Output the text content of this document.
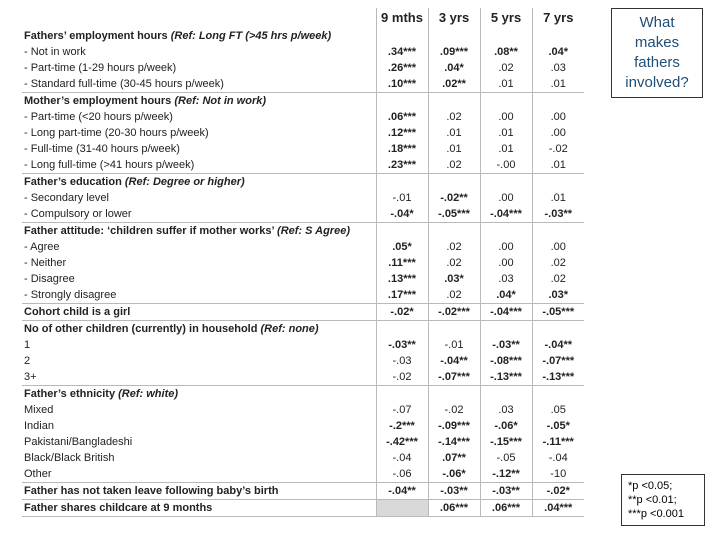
	9 mths	3 yrs	5 yrs	7 yrs
Fathers’ employment hours (Ref: Long FT (>45 hrs p/week)				
- Not in work	.34***	.09***	.08**	.04*
- Part-time (1-29 hours p/week)	.26***	.04*	.02	.03
- Standard full-time (30-45 hours p/week)	.10***	.02**	.01	.01
Mother’s employment hours (Ref: Not in work)				
- Part-time (<20 hours p/week)	.06***	.02	.00	.00
- Long part-time (20-30 hours p/week)	.12***	.01	.01	.00
- Full-time (31-40 hours p/week)	.18***	.01	.01	-.02
- Long full-time (>41 hours p/week)	.23***	.02	-.00	.01
Father’s education (Ref: Degree or higher)				
- Secondary level	-.01	-.02**	.00	.01
- Compulsory or lower	-.04*	-.05***	-.04***	-.03**
Father attitude: ‘children suffer if mother works’ (Ref: S Agree)				
- Agree	.05*	.02	.00	.00
- Neither	.11***	.02	.00	.02
- Disagree	.13***	.03*	.03	.02
- Strongly disagree	.17***	.02	.04*	.03*
Cohort child is a girl	-.02*	-.02***	-.04***	-.05***
No of other children (currently) in household (Ref: none)				
1	-.03**	-.01	-.03**	-.04**
2	-.03	-.04**	-.08***	-.07***
3+	-.02	-.07***	-.13***	-.13***
Father’s ethnicity (Ref: white)				
Mixed	-.07	-.02	.03	.05
Indian	-.2***	-.09***	-.06*	-.05*
Pakistani/Bangladeshi	-.42***	-.14***	-.15***	-.11***
Black/Black British	-.04	.07**	-.05	-.04
Other	-.06	-.06*	-.12**	-10
Father has not taken leave following baby’s birth	-.04**	-.03**	-.03**	-.02*
Father shares childcare at 9 months		.06***	.06***	.04***
What
makes
fathers
involved?
*p <0.05;
**p <0.01;
***p <0.001
